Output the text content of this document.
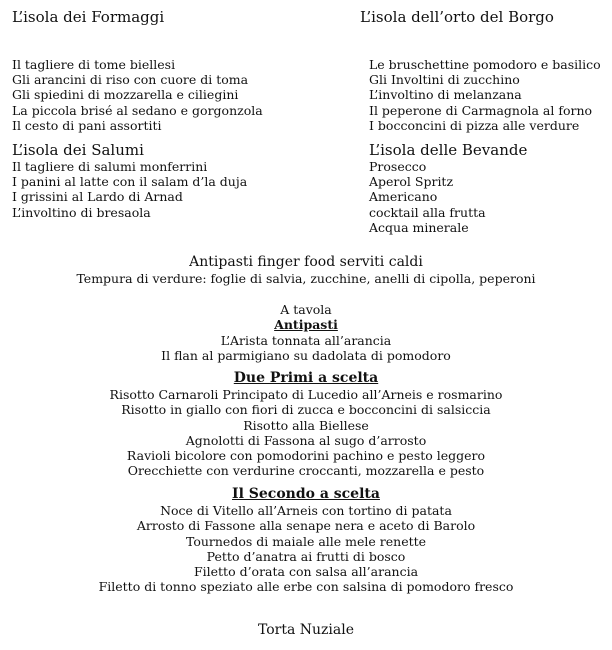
L’isola dei Formaggi
Il tagliere di tome biellesi
Gli arancini di riso con cuore di toma
Gli spiedini di mozzarella e ciliegini
La piccola brisé al sedano e gorgonzola
Il cesto di pani assortiti
L’isola dell’orto del Borgo
Le bruschettine pomodoro e basilico
Gli Involtini di zucchino
L’involtino di melanzana
Il peperone di Carmagnola al forno
I bocconcini di pizza alle verdure
L’isola dei Salumi
Il tagliere di salumi monferrini
I panini al latte con il salam d’la duja
I grissini al Lardo di Arnad
L’involtino di bresaola
L’isola delle Bevande
Prosecco
Aperol Spritz
Americano
cocktail alla frutta
Acqua minerale
Antipasti finger food serviti caldi
Tempura di verdure: foglie di salvia, zucchine, anelli di cipolla, peperoni
A tavola
Antipasti
L’Arista tonnata all’arancia
Il flan al parmigiano su dadolata di pomodoro
Due Primi a scelta
Risotto Carnaroli Principato di Lucedio all’Arneis e rosmarino
Risotto in giallo con fiori di zucca e bocconcini di salsiccia
Risotto alla Biellese
Agnolotti di Fassona al sugo d’arrosto
Ravioli bicolore con pomodorini pachino e pesto leggero
Orecchiette con verdurine croccanti, mozzarella e pesto
Il Secondo a scelta
Noce di Vitello all’Arneis con tortino di patata
Arrosto di Fassone alla senape nera e aceto di Barolo
Tournedos di maiale alle mele renette
Petto d’anatra ai frutti di bosco
Filetto d’orata con salsa all’arancia
Filetto di tonno speziato alle erbe con salsina di pomodoro fresco
Torta Nuziale
